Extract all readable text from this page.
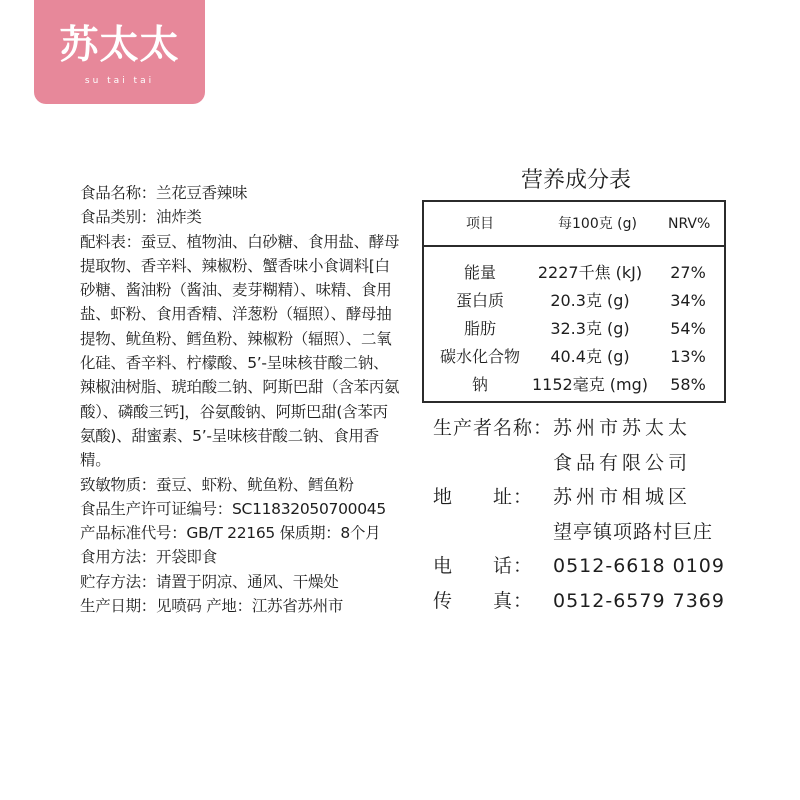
苏太太
su tai tai
食品名称：兰花豆香辣味
食品类别：油炸类
配料表：蚕豆、植物油、白砂糖、食用盐、酵母提取物、香辛料、辣椒粉、蟹香味小食调料[白砂糖、酱油粉（酱油、麦芽糊精）、味精、食用盐、虾粉、食用香精、洋葱粉（辐照）、酵母抽提物、鱿鱼粉、鳕鱼粉、辣椒粉（辐照）、二氧化硅、香辛料、柠檬酸、5’-呈味核苷酸二钠、辣椒油树脂、琥珀酸二钠、阿斯巴甜（含苯丙氨酸）、磷酸三钙]，谷氨酸钠、阿斯巴甜(含苯丙氨酸)、甜蜜素、5’-呈味核苷酸二钠、食用香精。
致敏物质：蚕豆、虾粉、鱿鱼粉、鳕鱼粉
食品生产许可证编号：SC11832050700045
产品标准代号：GB/T 22165 保质期：8个月
食用方法：开袋即食
贮存方法：请置于阴凉、通风、干燥处
生产日期：见喷码 产地：江苏省苏州市
营养成分表
项目	每100克 (g) NRV%
能量	2227千焦 (kJ)	27%
蛋白质	20.3克 (g)	34%
脂肪	32.3克 (g)	54%
碳水化合物	40.4克 (g)	13%
钠	1152毫克 (mg)	58%
生产者名称： 苏州市苏太太
食品有限公司
地　　址： 苏州市相城区
望亭镇项路村巨庄
电　　话： 0512-6618 0109
传　　真： 0512-6579 7369
